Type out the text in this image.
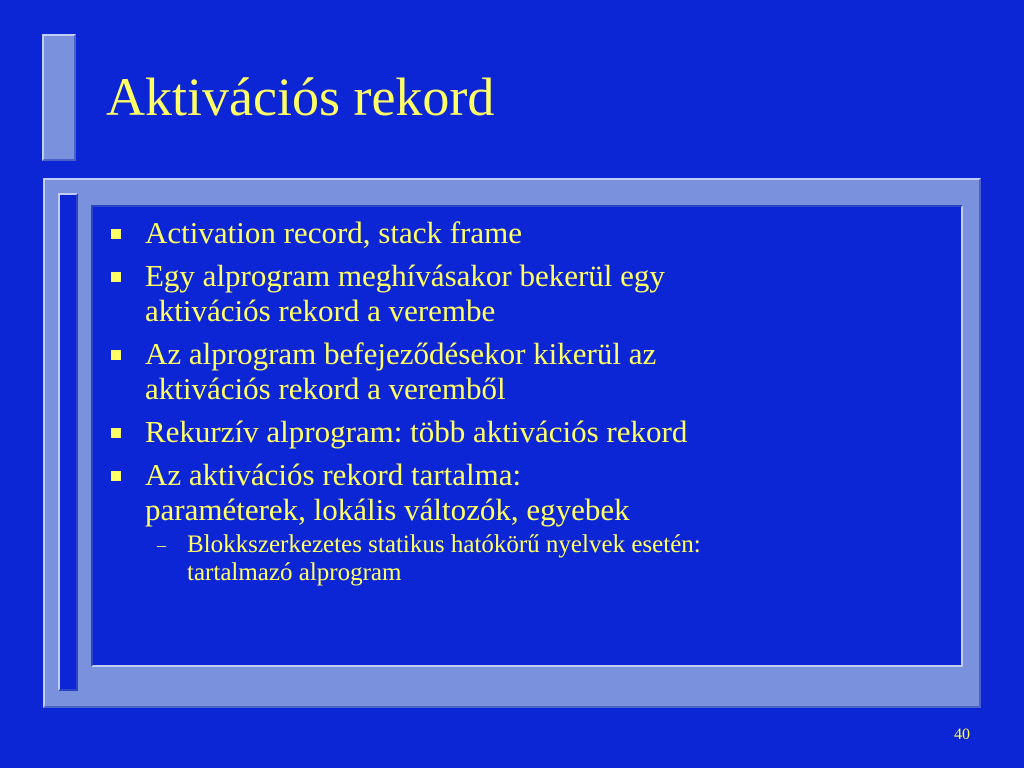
Aktivációs rekord
Activation record, stack frame
Egy alprogram meghívásakor bekerül egy
aktivációs rekord a verembe
Az alprogram befejeződésekor kikerül az
aktivációs rekord a veremből
Rekurzív alprogram: több aktivációs rekord
Az aktivációs rekord tartalma:
paraméterek, lokális változók, egyebek
– Blokkszerkezetes statikus hatókörű nyelvek esetén:
tartalmazó alprogram
40
